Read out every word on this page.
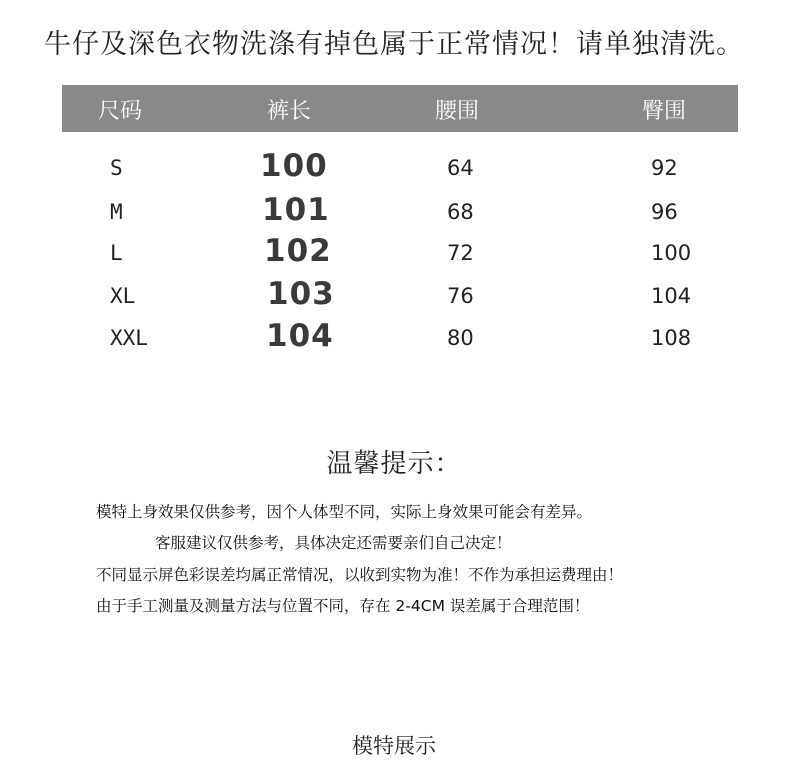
牛仔及深色衣物洗涤有掉色属于正常情况！请单独清洗。
尺码	裤长	腰围	臀围
S	100	64	92
M	101	68	96
L	102	72	100
XL	103	76	104
XXL	104	80	108
温馨提示：
模特上身效果仅供参考，因个人体型不同，实际上身效果可能会有差异。
客服建议仅供参考，具体决定还需要亲们自己决定！
不同显示屏色彩误差均属正常情况，以收到实物为准！不作为承担运费理由！
由于手工测量及测量方法与位置不同，存在 2-4CM 误差属于合理范围！
模特展示
